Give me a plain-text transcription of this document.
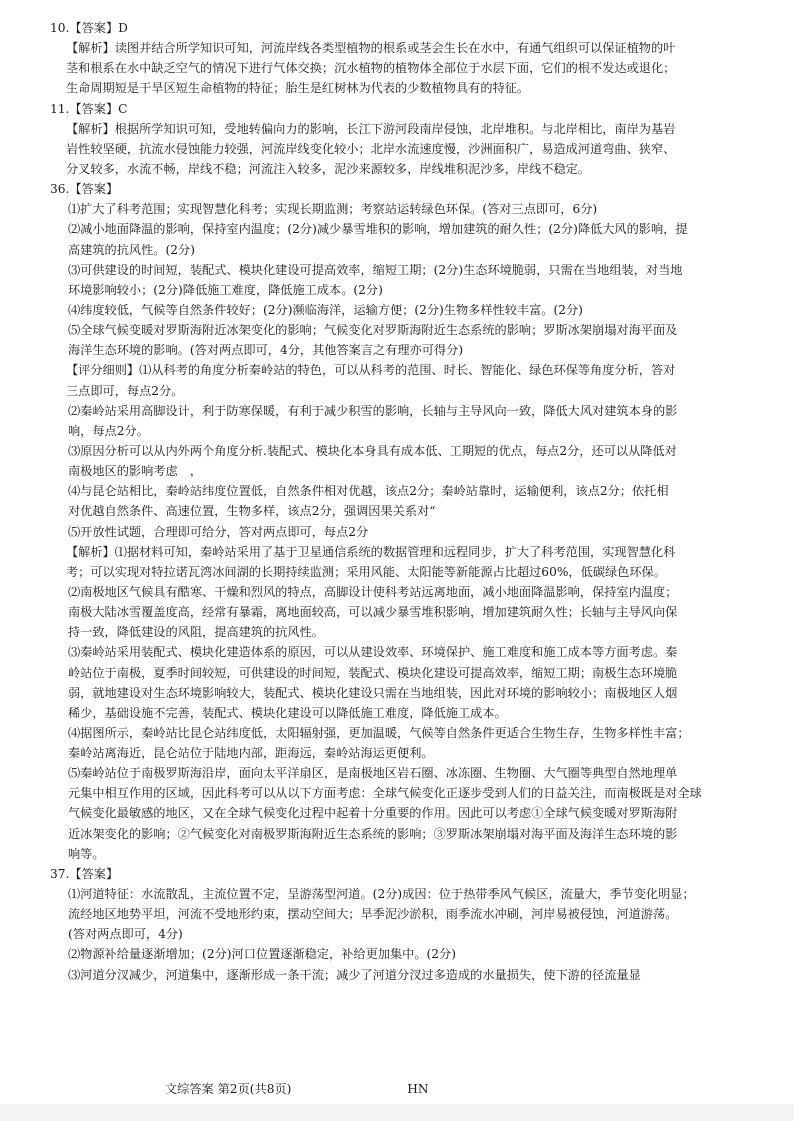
10.【答案】D
【解析】读图并结合所学知识可知，河流岸线各类型植物的根系或茎会生长在水中，有通气组织可以保证植物的叶
茎和根系在水中缺乏空气的情况下进行气体交换；沉水植物的植物体全部位于水层下面，它们的根不发达或退化；
生命周期短是干旱区短生命植物的特征；胎生是红树林为代表的少数植物具有的特征。
11.【答案】C
【解析】根据所学知识可知，受地转偏向力的影响，长江下游河段南岸侵蚀，北岸堆积。与北岸相比，南岸为基岩
岩性较坚硬，抗流水侵蚀能力较强，河流岸线变化较小；北岸水流速度慢，沙洲面积广，易造成河道弯曲、狭窄、
分叉较多，水流不畅，岸线不稳；河流注入较多，泥沙来源较多，岸线堆积泥沙多，岸线不稳定。
36.【答案】
⑴扩大了科考范围；实现智慧化科考；实现长期监测；考察站运转绿色环保。(答对三点即可，6分)
⑵减小地面降温的影响，保持室内温度；(2分)减少暴雪堆积的影响，增加建筑的耐久性；(2分)降低大风的影响，提
高建筑的抗风性。(2分)
⑶可供建设的时间短，装配式、模块化建设可提高效率，缩短工期；(2分)生态环境脆弱，只需在当地组装，对当地
环境影响较小；(2分)降低施工难度，降低施工成本。(2分)
⑷纬度较低，气候等自然条件较好；(2分)濒临海洋，运输方便；(2分)生物多样性较丰富。(2分)
⑸全球气候变暖对罗斯海附近冰架变化的影响；气候变化对罗斯海附近生态系统的影响；罗斯冰架崩塌对海平面及
海洋生态环境的影响。(答对两点即可，4分，其他答案言之有理亦可得分)
【评分细则】⑴从科考的角度分析秦岭站的特色，可以从科考的范围、时长、智能化、绿色环保等角度分析，答对
三点即可，每点2分。
⑵秦岭站采用高脚设计，利于防寒保暖，有利于减少积雪的影响，长轴与主导风向一致，降低大风对建筑本身的影
响，每点2分。
⑶原因分析可以从内外两个角度分析.装配式、模块化本身具有成本低、工期短的优点，每点2分，还可以从降低对
南极地区的影响考虑　，
⑷与昆仑站相比，秦岭站纬度位置低，自然条件相对优越，该点2分；秦岭站靠时，运输便利，该点2分；依托相
对优越自然条件、高速位置，生物多样，该点2分，强调因果关系对“
⑸开放性试题，合理即可给分，答对两点即可，每点2分
【解析】⑴据材料可知，秦岭站采用了基于卫星通信系统的数据管理和远程同步，扩大了科考范围，实现智慧化科
考；可以实现对特拉诺瓦湾冰间湖的长期持续监测；采用风能、太阳能等新能源占比超过60%，低碳绿色环保。
⑵南极地区气候具有酷寒、干燥和烈风的特点，高脚设计使科考站远离地面，减小地面降温影响，保持室内温度；
南极大陆冰雪覆盖度高，经常有暴霜，离地面较高，可以减少暴雪堆积影响，增加建筑耐久性；长轴与主导风向保
持一致，降低建设的风阻，提高建筑的抗风性。
⑶秦岭站采用装配式、模块化建造体系的原因，可以从建设效率、环境保护、施工难度和施工成本等方面考虑。秦
岭站位于南极，夏季时间较短，可供建设的时间短，装配式、模块化建设可提高效率，缩短工期；南极生态环境脆
弱，就地建设对生态环境影响较大，装配式、模块化建设只需在当地组装，因此对环境的影响较小；南极地区人烟
稀少，基础设施不完善，装配式、模块化建设可以降低施工难度，降低施工成本。
⑷据图所示，秦岭站比昆仑站纬度低，太阳辐射强，更加温暖，气候等自然条件更适合生物生存，生物多样性丰富；
秦岭站离海近，昆仑站位于陆地内部，距海远，秦岭站海运更便利。
⑸秦岭站位于南极罗斯海沿岸，面向太平洋扇区，是南极地区岩石圈、冰冻圈、生物圈、大气圈等典型自然地理单
元集中相互作用的区域，因此科考可以从以下方面考虑：全球气候变化正逐步受到人们的日益关注，而南极既是对全球
气候变化最敏感的地区，又在全球气候变化过程中起着十分重要的作用。因此可以考虑①全球气候变暖对罗斯海附
近冰架变化的影响；②气候变化对南极罗斯海附近生态系统的影响；③罗斯冰架崩塌对海平面及海洋生态环境的影
响等。
37.【答案】
⑴河道特征：水流散乱，主流位置不定，呈游荡型河道。(2分)成因：位于热带季风气候区，流量大，季节变化明显；
流经地区地势平坦，河流不受地形约束，摆动空间大；旱季泥沙淤积，雨季流水冲刷，河岸易被侵蚀，河道游荡。
(答对两点即可，4分)
⑵物源补给量逐渐增加；(2分)河口位置逐渐稳定，补给更加集中。(2分)
⑶河道分汊减少，河道集中，逐渐形成一条干流；减少了河道分汊过多造成的水量损失，使下游的径流量显
文综答案 第2页(共8页)	HN
